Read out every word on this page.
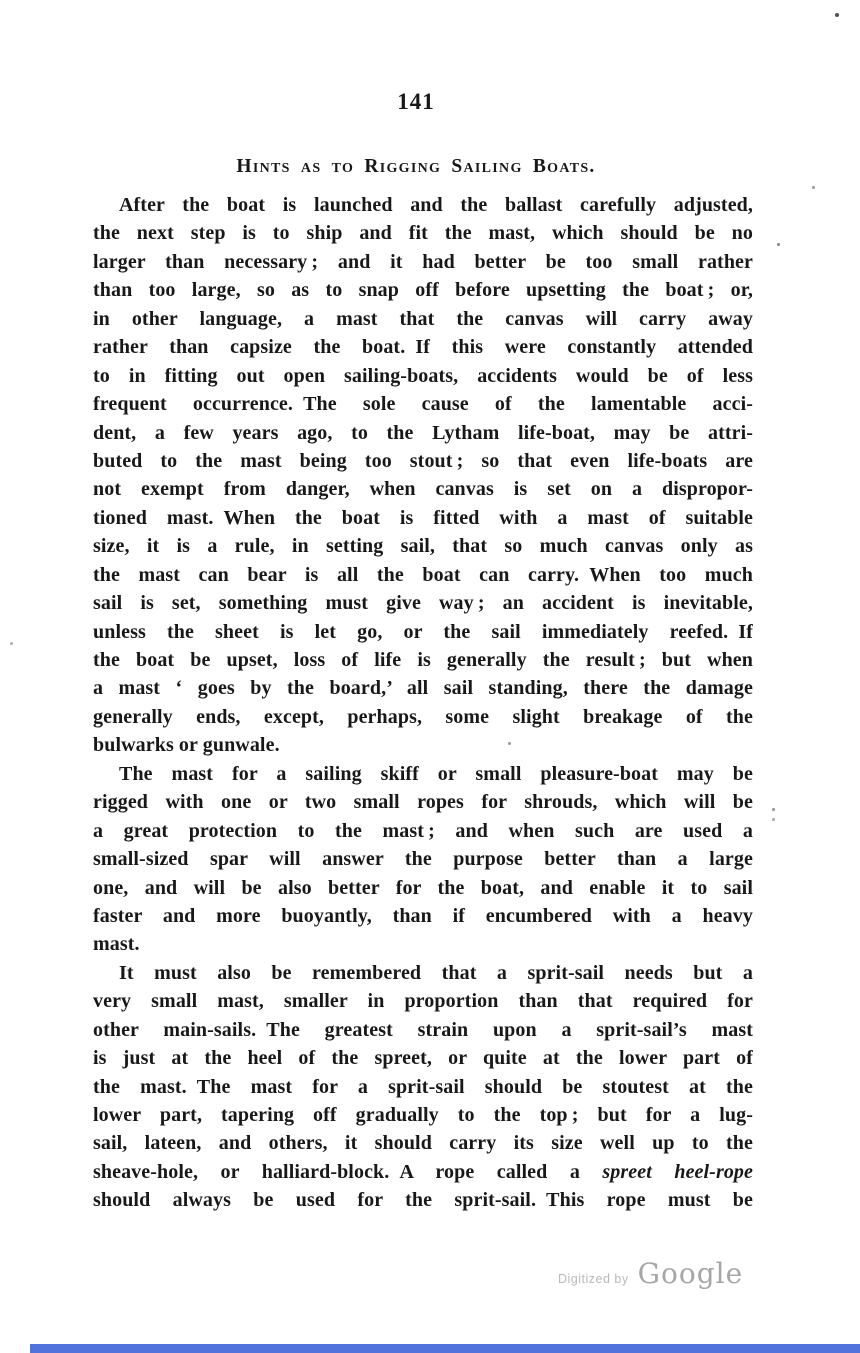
141
Hints as to Rigging Sailing Boats.
After the boat is launched and the ballast carefully adjusted,
the next step is to ship and fit the mast, which should be no
larger than necessary ; and it had better be too small rather
than too large, so as to snap off before upsetting the boat ; or,
in other language, a mast that the canvas will carry away
rather than capsize the boat. If this were constantly attended
to in fitting out open sailing-boats, accidents would be of less
frequent occurrence. The sole cause of the lamentable acci-
dent, a few years ago, to the Lytham life-boat, may be attri-
buted to the mast being too stout ; so that even life-boats are
not exempt from danger, when canvas is set on a dispropor-
tioned mast. When the boat is fitted with a mast of suitable
size, it is a rule, in setting sail, that so much canvas only as
the mast can bear is all the boat can carry. When too much
sail is set, something must give way ; an accident is inevitable,
unless the sheet is let go, or the sail immediately reefed. If
the boat be upset, loss of life is generally the result ; but when
a mast ‘ goes by the board,’ all sail standing, there the damage
generally ends, except, perhaps, some slight breakage of the
bulwarks or gunwale.
The mast for a sailing skiff or small pleasure-boat may be
rigged with one or two small ropes for shrouds, which will be
a great protection to the mast ; and when such are used a
small-sized spar will answer the purpose better than a large
one, and will be also better for the boat, and enable it to sail
faster and more buoyantly, than if encumbered with a heavy
mast.
It must also be remembered that a sprit-sail needs but a
very small mast, smaller in proportion than that required for
other main-sails. The greatest strain upon a sprit-sail’s mast
is just at the heel of the spreet, or quite at the lower part of
the mast. The mast for a sprit-sail should be stoutest at the
lower part, tapering off gradually to the top ; but for a lug-
sail, lateen, and others, it should carry its size well up to the
sheave-hole, or halliard-block. A rope called a spreet heel-rope
should always be used for the sprit-sail. This rope must be
Digitized by Google
